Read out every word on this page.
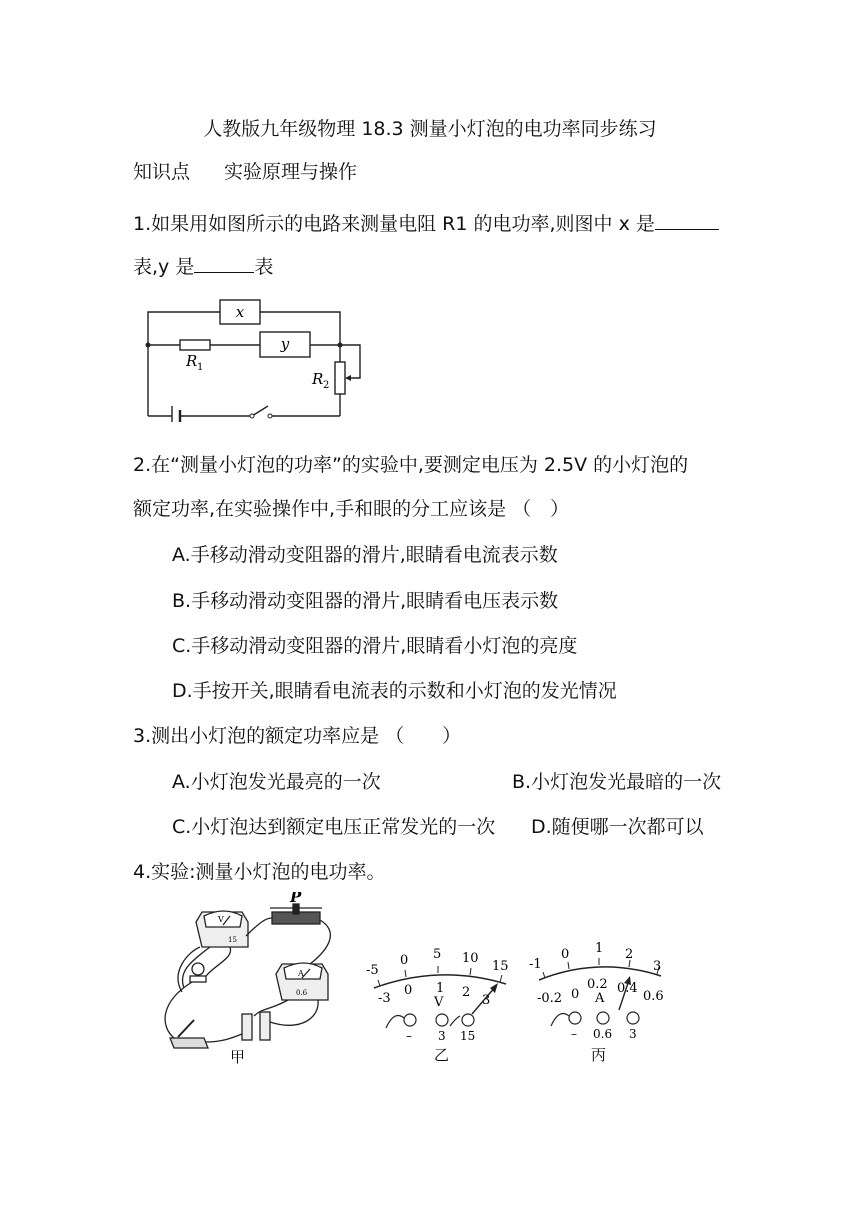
人教版九年级物理 18.3 测量小灯泡的电功率同步练习
知识点 实验原理与操作
1.如果用如图所示的电路来测量电阻 R1 的电功率,则图中 x 是
表,y 是	表
x
y
R 1
R 2
2.在“测量小灯泡的功率”的实验中,要测定电压为 2.5V 的小灯泡的
额定功率,在实验操作中,手和眼的分工应该是 （　）
A.手移动滑动变阻器的滑片,眼睛看电流表示数
B.手移动滑动变阻器的滑片,眼睛看电压表示数
C.手移动滑动变阻器的滑片,眼睛看小灯泡的亮度
D.手按开关,眼睛看电流表的示数和小灯泡的发光情况
3.测出小灯泡的额定功率应是 （　　）
A.小灯泡发光最亮的一次	B.小灯泡发光最暗的一次
C.小灯泡达到额定电压正常发光的一次 D.随便哪一次都可以
4.实验:测量小灯泡的电功率。
V
15
A
0.6
P
甲
-5
0 5 10
15
-3
0 1 2
3
V
– 3 15
乙
-1
0 1 2
3
-0.2 0
0.2 0.4
0.6
A
– 0.6 3
丙
